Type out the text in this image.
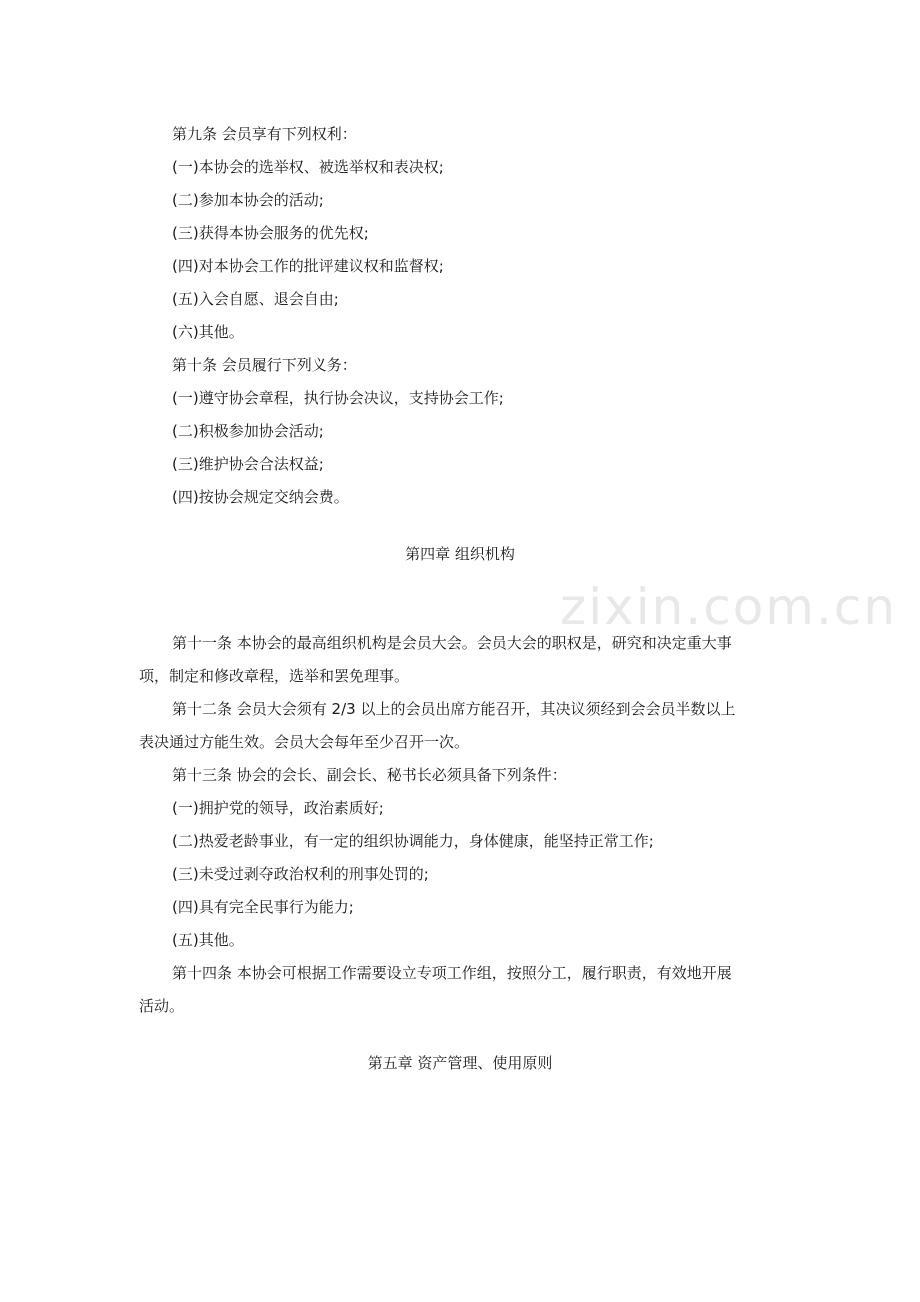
zixin.com.cn
第九条 会员享有下列权利：
(一)本协会的选举权、被选举权和表决权;
(二)参加本协会的活动;
(三)获得本协会服务的优先权;
(四)对本协会工作的批评建议权和监督权;
(五)入会自愿、退会自由;
(六)其他。
第十条 会员履行下列义务：
(一)遵守协会章程，执行协会决议，支持协会工作;
(二)积极参加协会活动;
(三)维护协会合法权益;
(四)按协会规定交纳会费。
第四章 组织机构
第十一条 本协会的最高组织机构是会员大会。会员大会的职权是，研究和决定重大事
项，制定和修改章程，选举和罢免理事。
第十二条 会员大会须有 2/3 以上的会员出席方能召开，其决议须经到会会员半数以上
表决通过方能生效。会员大会每年至少召开一次。
第十三条 协会的会长、副会长、秘书长必须具备下列条件：
(一)拥护党的领导，政治素质好;
(二)热爱老龄事业，有一定的组织协调能力，身体健康，能坚持正常工作;
(三)未受过剥夺政治权利的刑事处罚的;
(四)具有完全民事行为能力;
(五)其他。
第十四条 本协会可根据工作需要设立专项工作组，按照分工，履行职责，有效地开展
活动。
第五章 资产管理、使用原则
